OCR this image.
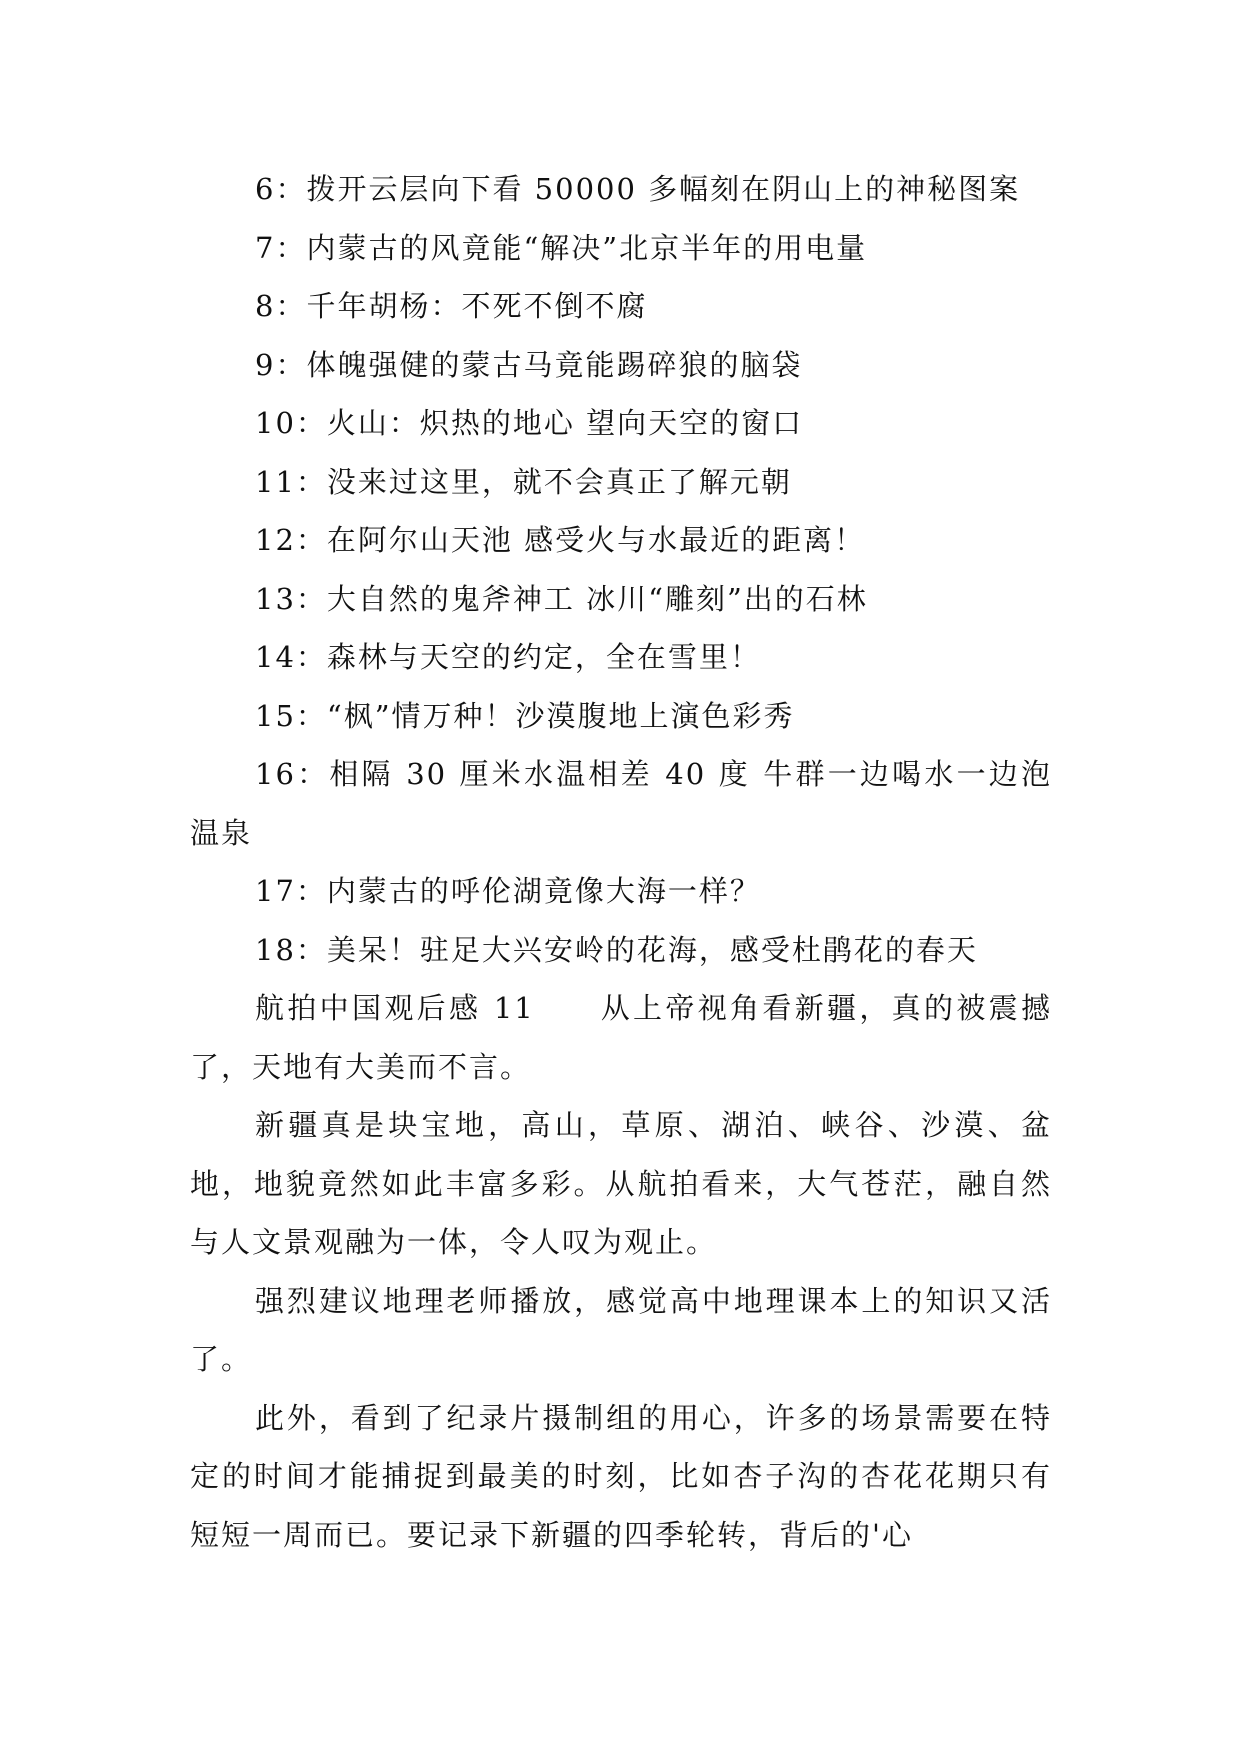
6：拨开云层向下看 50000 多幅刻在阴山上的神秘图案

7：内蒙古的风竟能“解决”北京半年的用电量

8：千年胡杨：不死不倒不腐

9：体魄强健的蒙古马竟能踢碎狼的脑袋

10：火山：炽热的地心 望向天空的窗口

11：没来过这里，就不会真正了解元朝

12：在阿尔山天池 感受火与水最近的距离！

13：大自然的鬼斧神工 冰川“雕刻”出的石林

14：森林与天空的约定，全在雪里！

15：“枫”情万种！沙漠腹地上演色彩秀

16：相隔 30 厘米水温相差 40 度 牛群一边喝水一边泡温泉

17：内蒙古的呼伦湖竟像大海一样？

18：美呆！驻足大兴安岭的花海，感受杜鹃花的春天

航拍中国观后感 11　　从上帝视角看新疆，真的被震撼了，天地有大美而不言。

新疆真是块宝地，高山，草原、湖泊、峡谷、沙漠、盆地，地貌竟然如此丰富多彩。从航拍看来，大气苍茫，融自然与人文景观融为一体，令人叹为观止。

强烈建议地理老师播放，感觉高中地理课本上的知识又活了。

此外，看到了纪录片摄制组的用心，许多的场景需要在特定的时间才能捕捉到最美的时刻，比如杏子沟的杏花花期只有短短一周而已。要记录下新疆的四季轮转，背后的'心
